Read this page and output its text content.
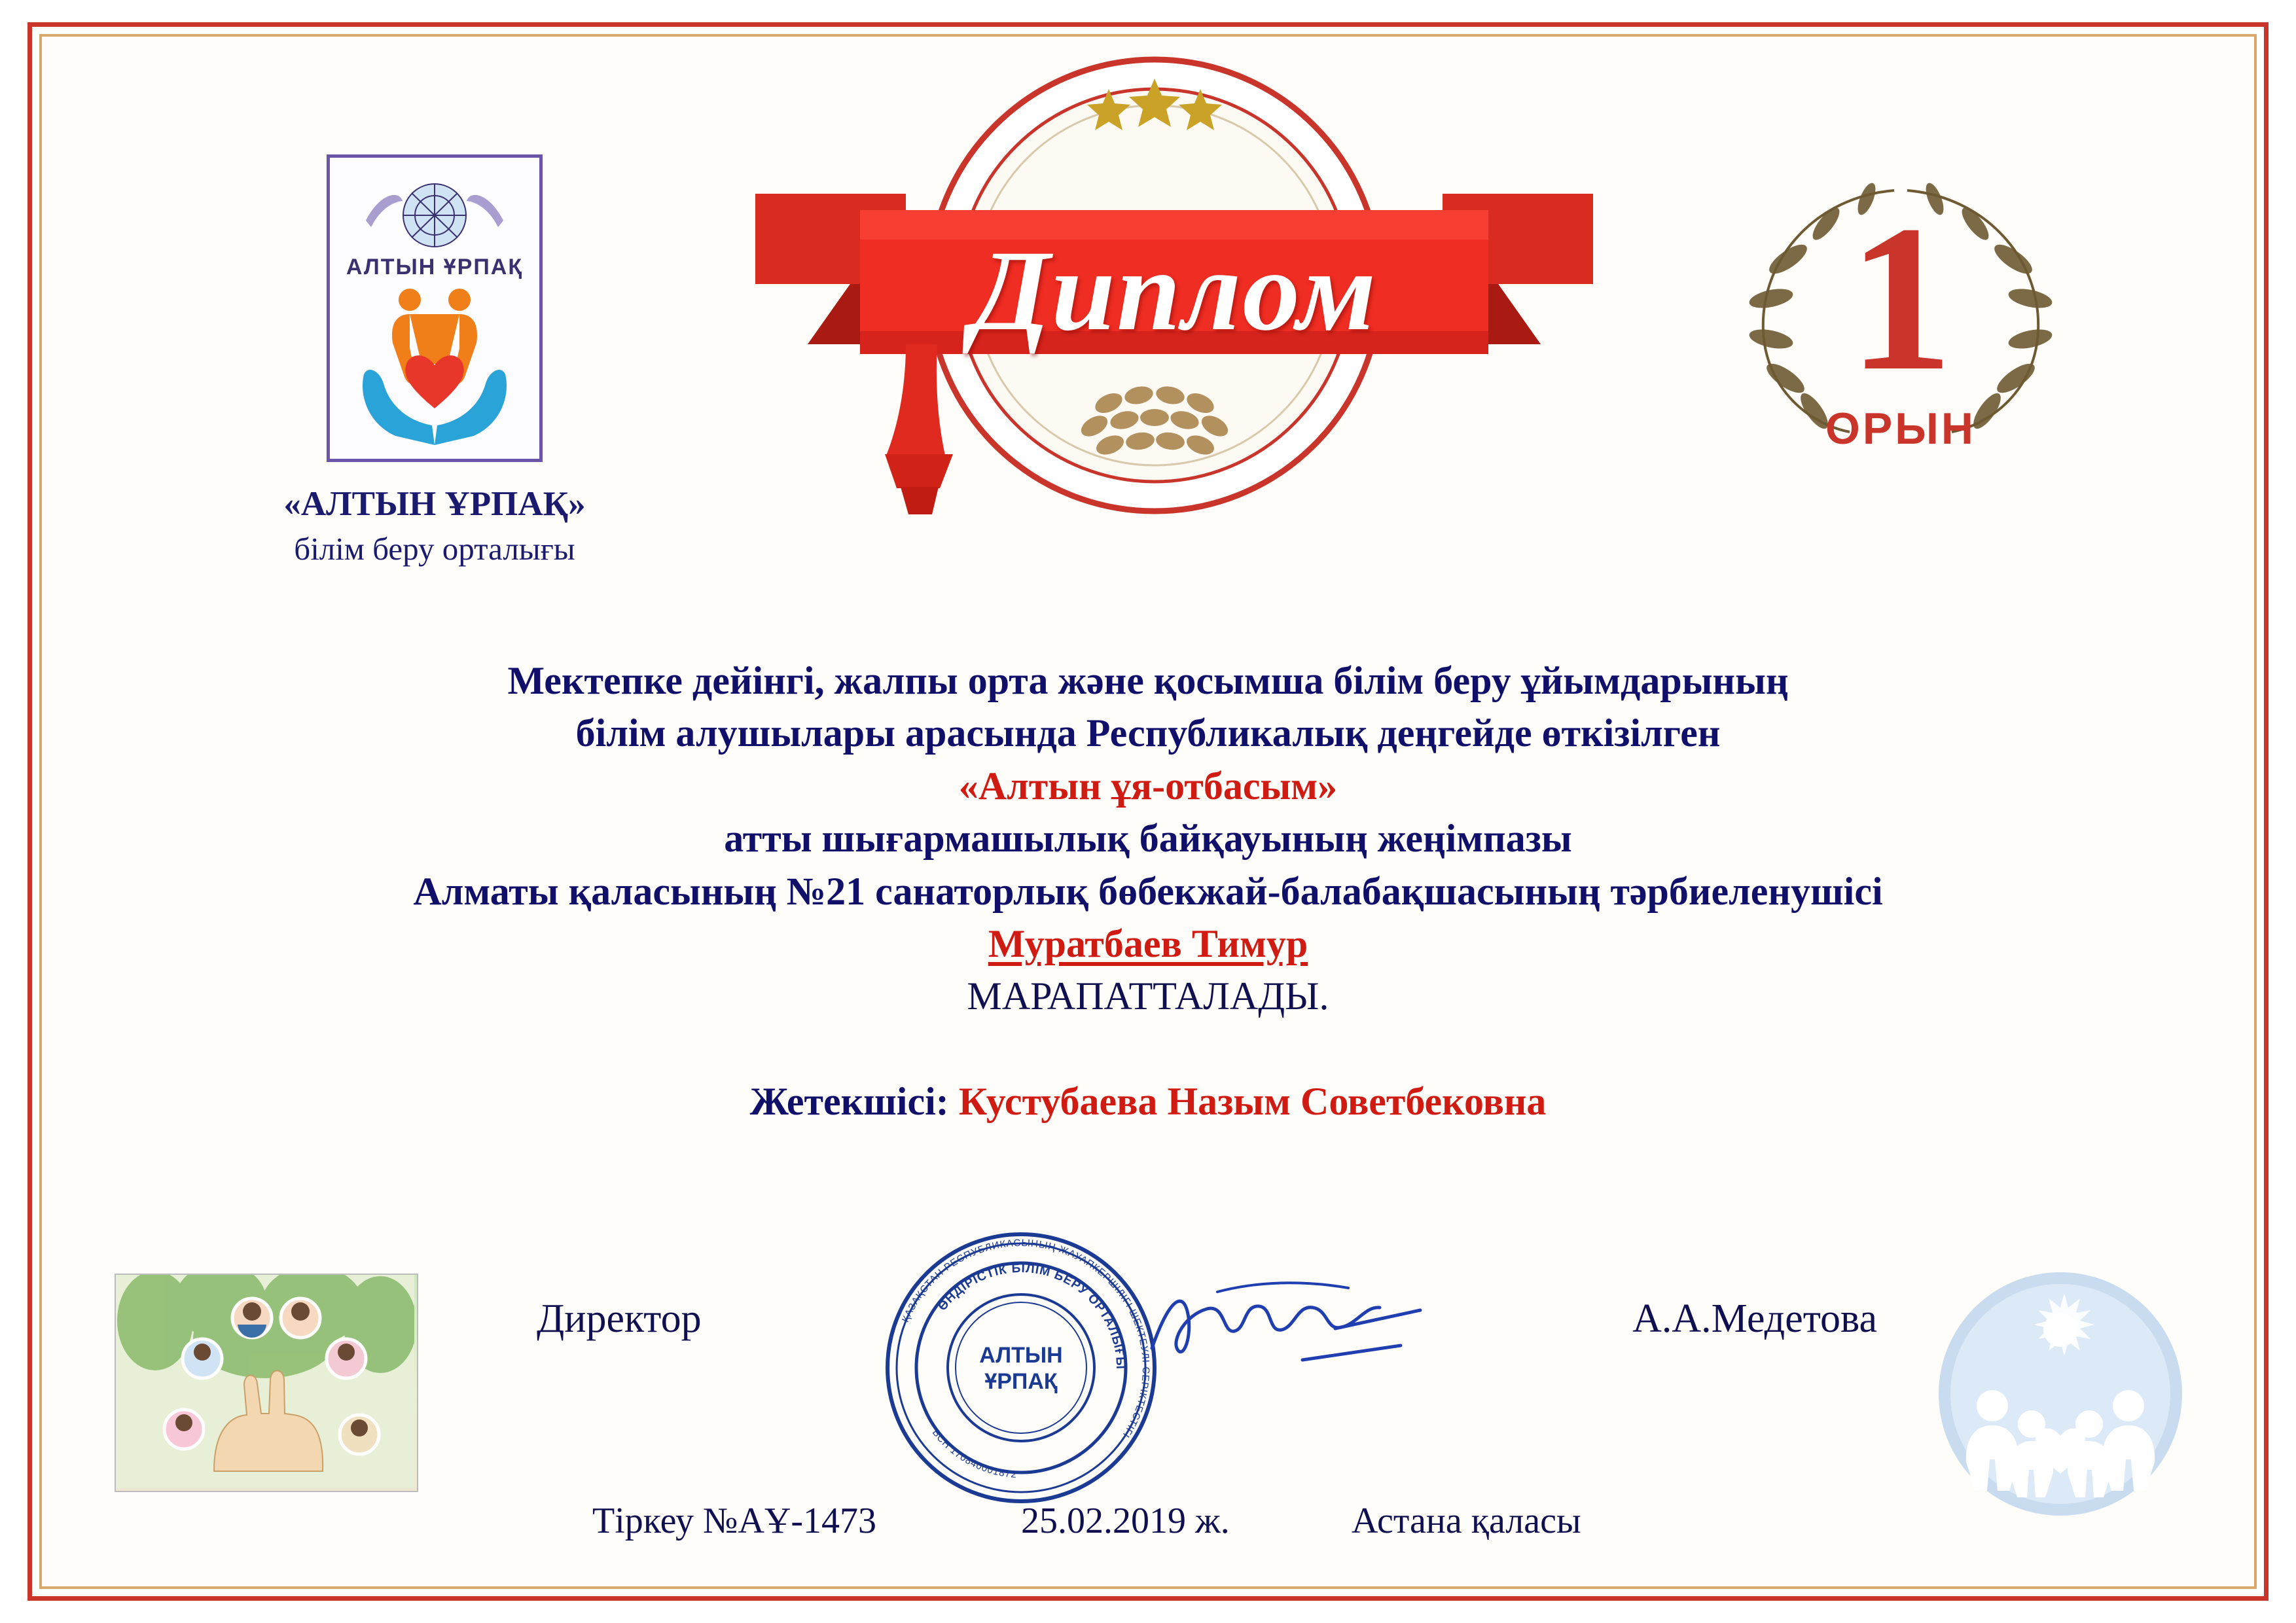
АЛТЫН ҰРПАҚ
«АЛТЫН ҰРПАҚ»
білім беру орталығы
Диплом	1
ОРЫН
Мектепке дейінгі, жалпы орта және қосымша білім беру ұйымдарының
білім алушылары арасында Республикалық деңгейде өткізілген
«Алтын ұя-отбасым»
атты шығармашылық байқауының жеңімпазы
Алматы қаласының №21 санаторлық бөбекжай-балабақшасының тәрбиеленушісі
Муратбаев Тимур
МАРАПАТТАЛАДЫ.
Жетекшісі: Кустубаева Назым Советбековна
Директор	А.А.Медетова
ҚАЗАҚСТАН РЕСПУБЛИКАСЫНЫҢ ЖАУАПКЕРШІЛІГІ ШЕКТЕУЛІ СЕРІКТЕСТІГІ
ӨНДІРІСТІК БІЛІМ БЕРУ ОРТАЛЫҒЫ
БСН 170840001872
АЛТЫН
ҰРПАҚ
Тіркеу №АҰ-1473	25.02.2019 ж.	Астана қаласы
